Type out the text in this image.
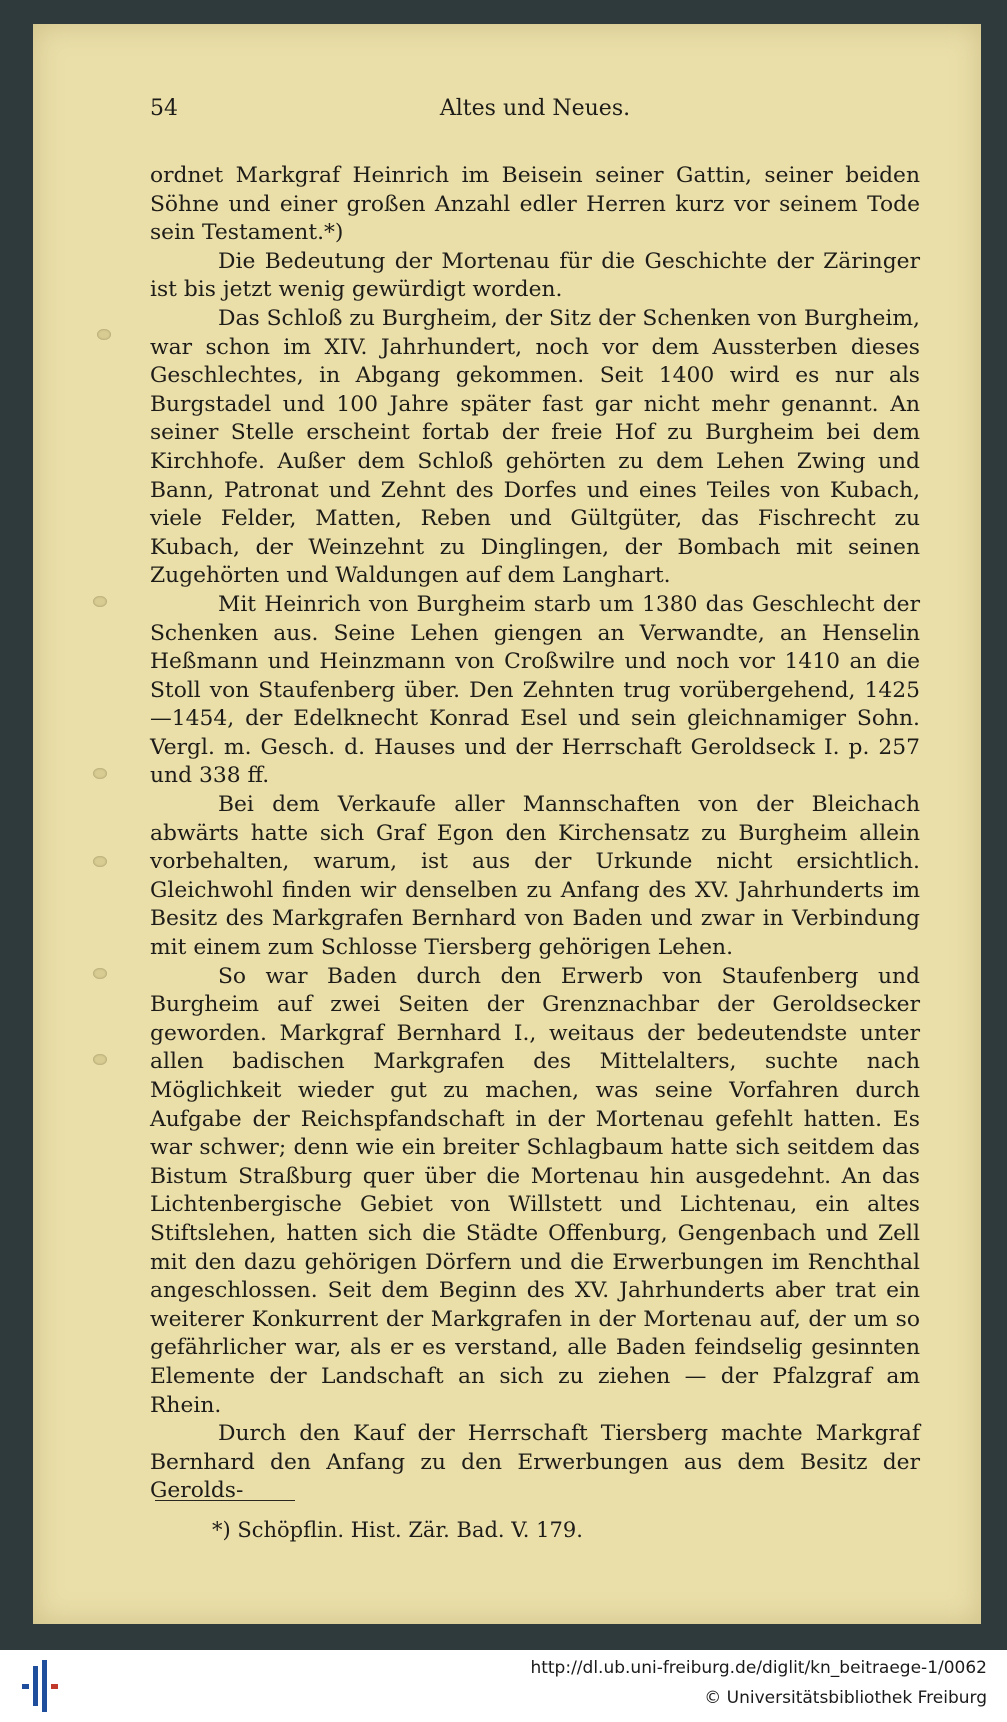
54	Altes und Neues.

ordnet Markgraf Heinrich im Beisein seiner Gattin, seiner beiden Söhne und einer großen Anzahl edler Herren kurz vor seinem Tode sein Testament.*)

Die Bedeutung der Mortenau für die Geschichte der Zäringer ist bis jetzt wenig gewürdigt worden.

Das Schloß zu Burgheim, der Sitz der Schenken von Burgheim, war schon im XIV. Jahrhundert, noch vor dem Aussterben dieses Geschlechtes, in Abgang gekommen. Seit 1400 wird es nur als Burgstadel und 100 Jahre später fast gar nicht mehr genannt. An seiner Stelle erscheint fortab der freie Hof zu Burgheim bei dem Kirchhofe. Außer dem Schloß gehörten zu dem Lehen Zwing und Bann, Patronat und Zehnt des Dorfes und eines Teiles von Kubach, viele Felder, Matten, Reben und Gültgüter, das Fischrecht zu Kubach, der Weinzehnt zu Dinglingen, der Bombach mit seinen Zugehörten und Waldungen auf dem Langhart.

Mit Heinrich von Burgheim starb um 1380 das Geschlecht der Schenken aus. Seine Lehen giengen an Verwandte, an Henselin Heßmann und Heinzmann von Croßwilre und noch vor 1410 an die Stoll von Staufenberg über. Den Zehnten trug vorübergehend, 1425—1454, der Edelknecht Konrad Esel und sein gleichnamiger Sohn. Vergl. m. Gesch. d. Hauses und der Herrschaft Geroldseck I. p. 257 und 338 ff.

Bei dem Verkaufe aller Mannschaften von der Bleichach abwärts hatte sich Graf Egon den Kirchensatz zu Burgheim allein vorbehalten, warum, ist aus der Urkunde nicht ersichtlich. Gleichwohl finden wir denselben zu Anfang des XV. Jahrhunderts im Besitz des Markgrafen Bernhard von Baden und zwar in Verbindung mit einem zum Schlosse Tiersberg gehörigen Lehen.

So war Baden durch den Erwerb von Staufenberg und Burgheim auf zwei Seiten der Grenznachbar der Geroldsecker geworden. Markgraf Bernhard I., weitaus der bedeutendste unter allen badischen Markgrafen des Mittelalters, suchte nach Möglichkeit wieder gut zu machen, was seine Vorfahren durch Aufgabe der Reichspfandschaft in der Mortenau gefehlt hatten. Es war schwer; denn wie ein breiter Schlagbaum hatte sich seitdem das Bistum Straßburg quer über die Mortenau hin ausgedehnt. An das Lichtenbergische Gebiet von Willstett und Lichtenau, ein altes Stiftslehen, hatten sich die Städte Offenburg, Gengenbach und Zell mit den dazu gehörigen Dörfern und die Erwerbungen im Renchthal angeschlossen. Seit dem Beginn des XV. Jahrhunderts aber trat ein weiterer Konkurrent der Markgrafen in der Mortenau auf, der um so gefährlicher war, als er es verstand, alle Baden feindselig gesinnten Elemente der Landschaft an sich zu ziehen — der Pfalzgraf am Rhein.

Durch den Kauf der Herrschaft Tiersberg machte Markgraf Bernhard den Anfang zu den Erwerbungen aus dem Besitz der Gerolds-

*) Schöpflin. Hist. Zär. Bad. V. 179.
http://dl.ub.uni-freiburg.de/diglit/kn_beitraege-1/0062
© Universitätsbibliothek Freiburg
